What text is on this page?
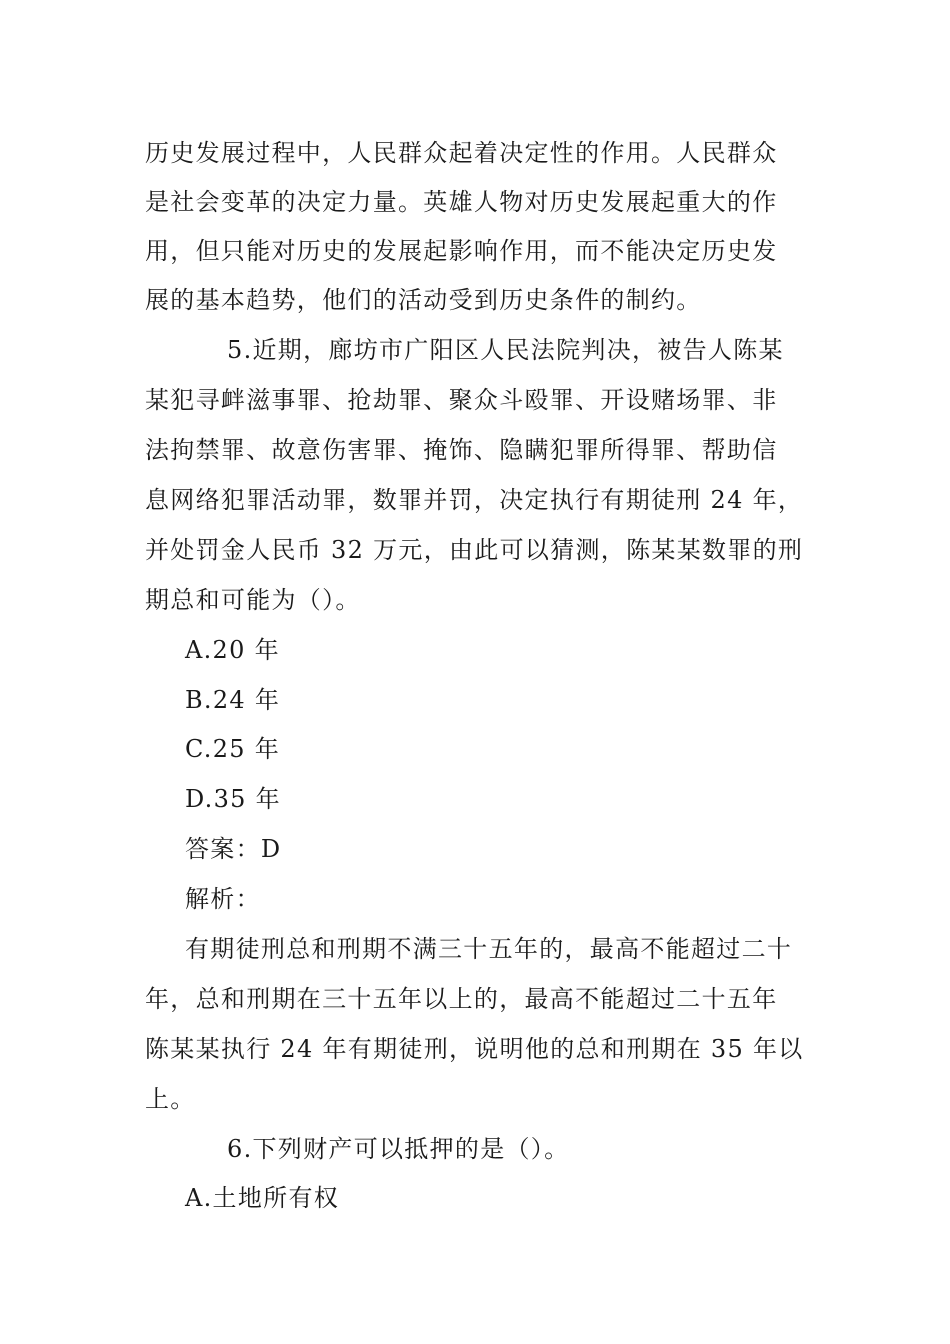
历史发展过程中，人民群众起着决定性的作用。人民群众
是社会变革的决定力量。英雄人物对历史发展起重大的作
用，但只能对历史的发展起影响作用，而不能决定历史发
展的基本趋势，他们的活动受到历史条件的制约。
5.近期，廊坊市广阳区人民法院判决，被告人陈某
某犯寻衅滋事罪、抢劫罪、聚众斗殴罪、开设赌场罪、非
法拘禁罪、故意伤害罪、掩饰、隐瞒犯罪所得罪、帮助信
息网络犯罪活动罪，数罪并罚，决定执行有期徒刑 24 年，
并处罚金人民币 32 万元，由此可以猜测，陈某某数罪的刑
期总和可能为（）。
A.20 年
B.24 年
C.25 年
D.35 年
答案：D
解析：
有期徒刑总和刑期不满三十五年的，最高不能超过二十
年，总和刑期在三十五年以上的，最高不能超过二十五年
陈某某执行 24 年有期徒刑，说明他的总和刑期在 35 年以
上。
6.下列财产可以抵押的是（）。
A.土地所有权
